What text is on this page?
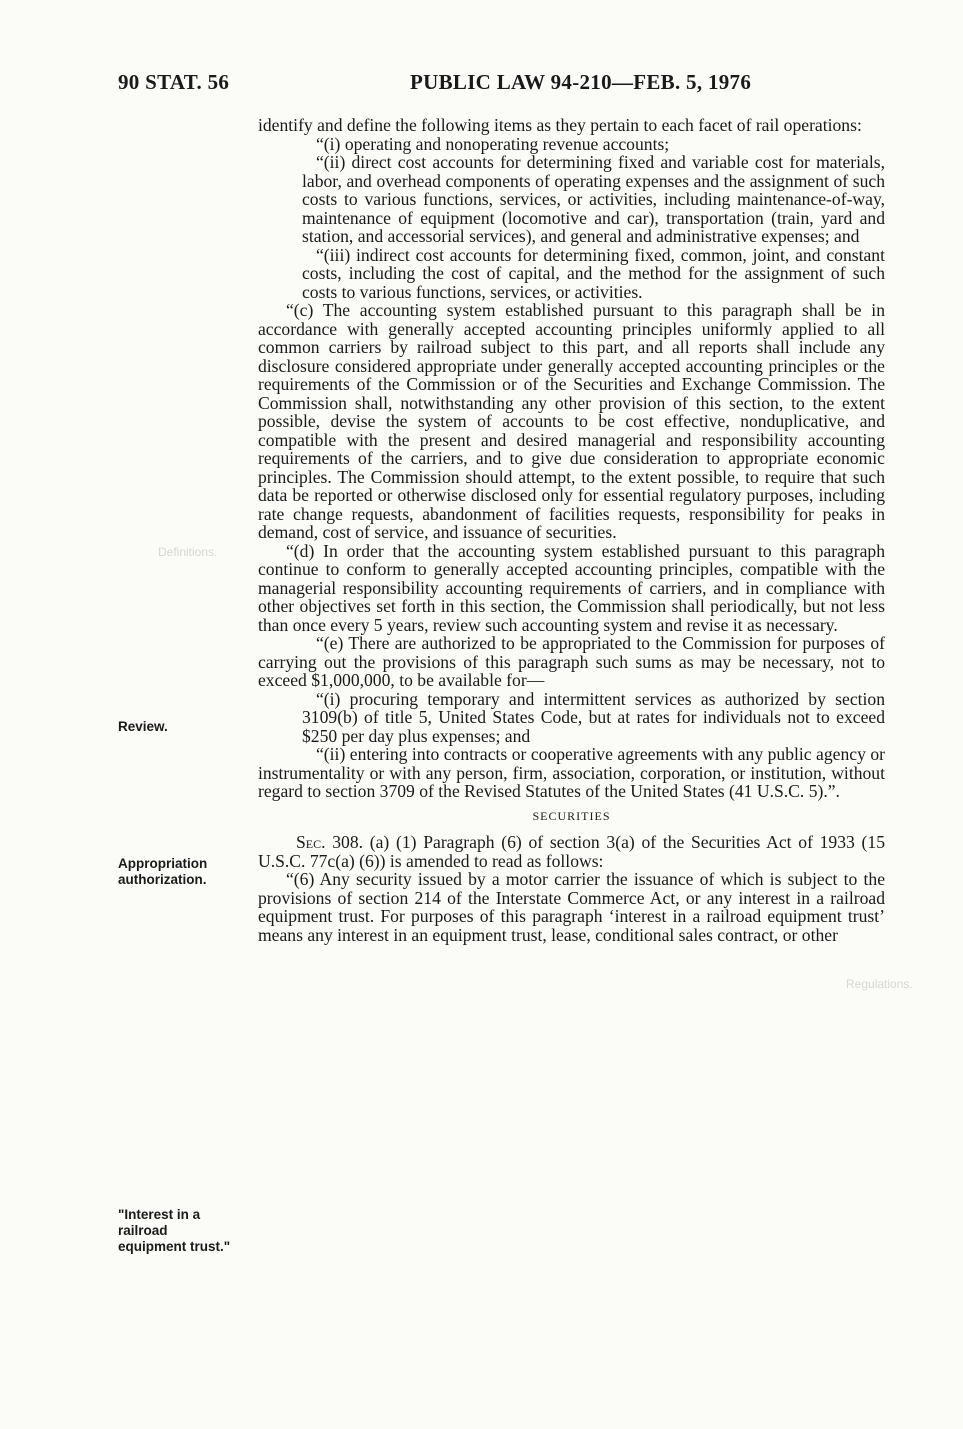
90 STAT. 56	PUBLIC LAW 94-210—FEB. 5, 1976
Definitions.
Regulations.
Review.
Appropriation authorization.
"Interest in a railroad equipment trust."

identify and define the following items as they pertain to each facet of rail operations:

“(i) operating and nonoperating revenue accounts;

“(ii) direct cost accounts for determining fixed and variable cost for materials, labor, and overhead components of operating expenses and the assignment of such costs to various functions, services, or activities, including maintenance-of-way, maintenance of equipment (locomotive and car), transportation (train, yard and station, and accessorial services), and general and administrative expenses; and

“(iii) indirect cost accounts for determining fixed, common, joint, and constant costs, including the cost of capital, and the method for the assignment of such costs to various functions, services, or activities.

“(c) The accounting system established pursuant to this paragraph shall be in accordance with generally accepted accounting principles uniformly applied to all common carriers by railroad subject to this part, and all reports shall include any disclosure considered appropriate under generally accepted accounting principles or the requirements of the Commission or of the Securities and Exchange Commission. The Commission shall, notwithstanding any other provision of this section, to the extent possible, devise the system of accounts to be cost effective, nonduplicative, and compatible with the present and desired managerial and responsibility accounting requirements of the carriers, and to give due consideration to appropriate economic principles. The Commission should attempt, to the extent possible, to require that such data be reported or otherwise disclosed only for essential regulatory purposes, including rate change requests, abandonment of facilities requests, responsibility for peaks in demand, cost of service, and issuance of securities.

“(d) In order that the accounting system established pursuant to this paragraph continue to conform to generally accepted accounting principles, compatible with the managerial responsibility accounting requirements of carriers, and in compliance with other objectives set forth in this section, the Commission shall periodically, but not less than once every 5 years, review such accounting system and revise it as necessary.

“(e) There are authorized to be appropriated to the Commission for purposes of carrying out the provisions of this paragraph such sums as may be necessary, not to exceed $1,000,000, to be available for—

“(i) procuring temporary and intermittent services as authorized by section 3109(b) of title 5, United States Code, but at rates for individuals not to exceed $250 per day plus expenses; and

“(ii) entering into contracts or cooperative agreements with any public agency or instrumentality or with any person, firm, association, corporation, or institution, without regard to section 3709 of the Revised Statutes of the United States (41 U.S.C. 5).”.

SECURITIES

Sec. 308. (a) (1) Paragraph (6) of section 3(a) of the Securities Act of 1933 (15 U.S.C. 77c(a) (6)) is amended to read as follows:

“(6) Any security issued by a motor carrier the issuance of which is subject to the provisions of section 214 of the Interstate Commerce Act, or any interest in a railroad equipment trust. For purposes of this paragraph ‘interest in a railroad equipment trust’ means any interest in an equipment trust, lease, conditional sales contract, or other
